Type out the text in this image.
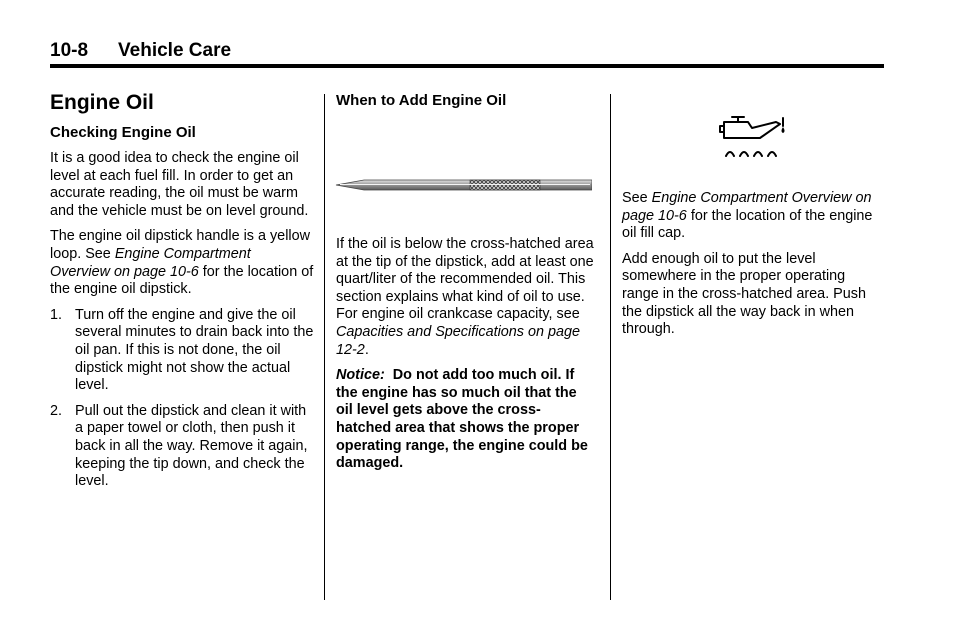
10-8 Vehicle Care
Engine Oil
Checking Engine Oil

It is a good idea to check the engine oil level at each fuel fill. In order to get an accurate reading, the oil must be warm and the vehicle must be on level ground.

The engine oil dipstick handle is a yellow loop. See Engine Compartment Overview on page 10-6 for the location of the engine oil dipstick.

1. Turn off the engine and give the oil several minutes to drain back into the oil pan. If this is not done, the oil dipstick might not show the actual level.
2. Pull out the dipstick and clean it with a paper towel or cloth, then push it back in all the way. Remove it again, keeping the tip down, and check the level.
When to Add Engine Oil

If the oil is below the cross-hatched area at the tip of the dipstick, add at least one quart/liter of the recommended oil. This section explains what kind of oil to use. For engine oil crankcase capacity, see Capacities and Specifications on page 12-2.

Notice: Do not add too much oil. If the engine has so much oil that the oil level gets above the cross-hatched area that shows the proper operating range, the engine could be damaged.

See Engine Compartment Overview on page 10-6 for the location of the engine oil fill cap.

Add enough oil to put the level somewhere in the proper operating range in the cross-hatched area. Push the dipstick all the way back in when through.
